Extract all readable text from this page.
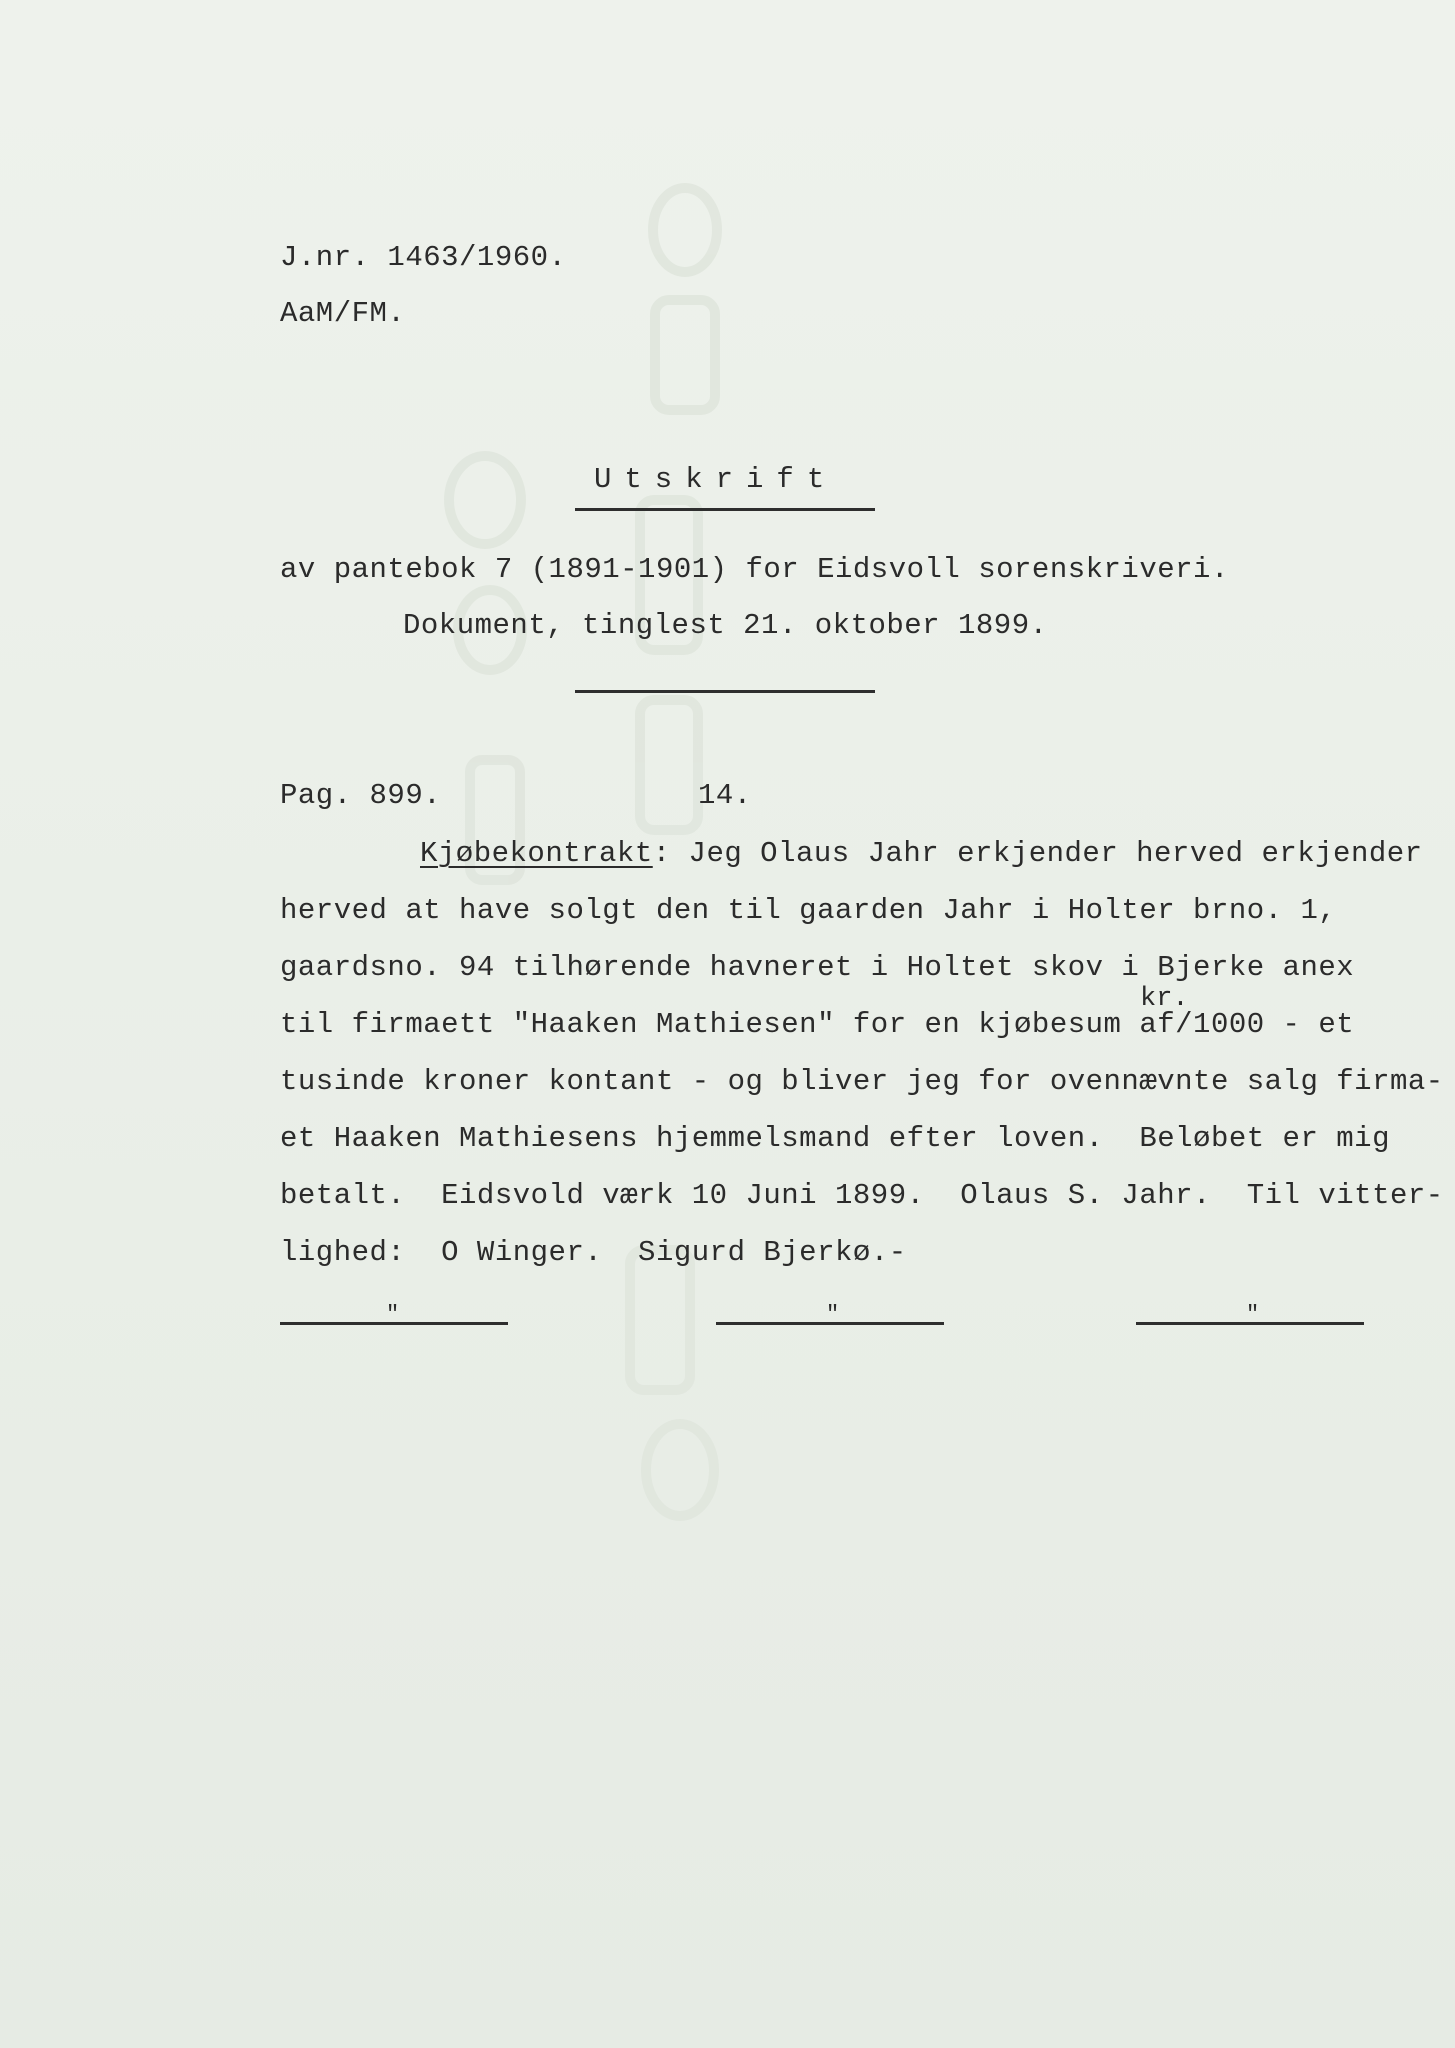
J.nr. 1463/1960.
AaM/FM.
Utskrift
av pantebok 7 (1891-1901) for Eidsvoll sorenskriveri.
Dokument, tinglest 21. oktober 1899.
Pag. 899.	14.
Kjøbekontrakt: Jeg Olaus Jahr erkjender herved erkjender
herved at have solgt den til gaarden Jahr i Holter brno. 1,
gaardsno. 94 tilhørende havneret i Holtet skov i Bjerke anex
kr.
til firmaett "Haaken Mathiesen" for en kjøbesum af/1000 - et
tusinde kroner kontant - og bliver jeg for ovennævnte salg firma-
et Haaken Mathiesens hjemmelsmand efter loven.  Beløbet er mig
betalt.  Eidsvold værk 10 Juni 1899.  Olaus S. Jahr.  Til vitter-
lighed:  O Winger.  Sigurd Bjerkø.-
"	"	"
